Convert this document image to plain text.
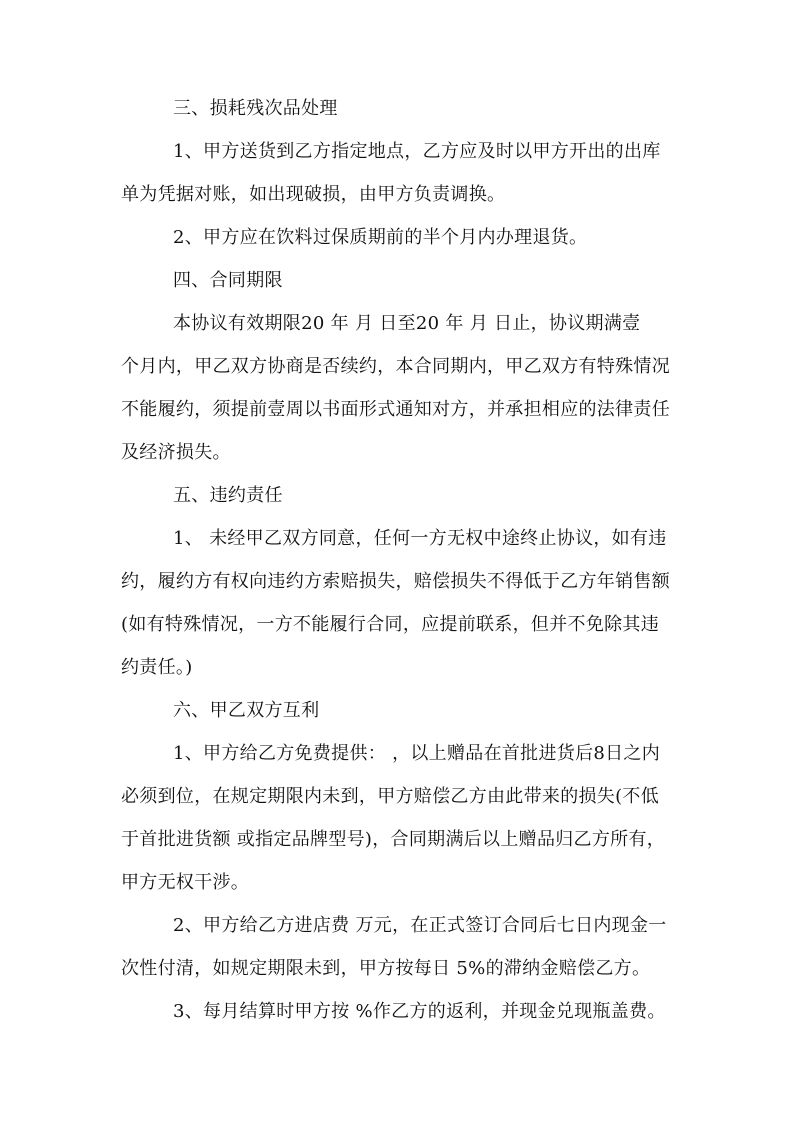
三、损耗残次品处理
1、甲方送货到乙方指定地点，乙方应及时以甲方开出的出库
单为凭据对账，如出现破损，由甲方负责调换。
2、甲方应在饮料过保质期前的半个月内办理退货。
四、合同期限
本协议有效期限20 年 月 日至20 年 月 日止，协议期满壹
个月内，甲乙双方协商是否续约，本合同期内，甲乙双方有特殊情况
不能履约，须提前壹周以书面形式通知对方，并承担相应的法律责任
及经济损失。
五、违约责任
1、 未经甲乙双方同意，任何一方无权中途终止协议，如有违
约，履约方有权向违约方索赔损失，赔偿损失不得低于乙方年销售额
(如有特殊情况，一方不能履行合同，应提前联系，但并不免除其违
约责任。)
六、甲乙双方互利
1、甲方给乙方免费提供： ，以上赠品在首批进货后8日之内
必须到位，在规定期限内未到，甲方赔偿乙方由此带来的损失(不低
于首批进货额 或指定品牌型号)，合同期满后以上赠品归乙方所有，
甲方无权干涉。
2、甲方给乙方进店费 万元，在正式签订合同后七日内现金一
次性付清，如规定期限未到，甲方按每日 5%的滞纳金赔偿乙方。
3、每月结算时甲方按 %作乙方的返利，并现金兑现瓶盖费。
